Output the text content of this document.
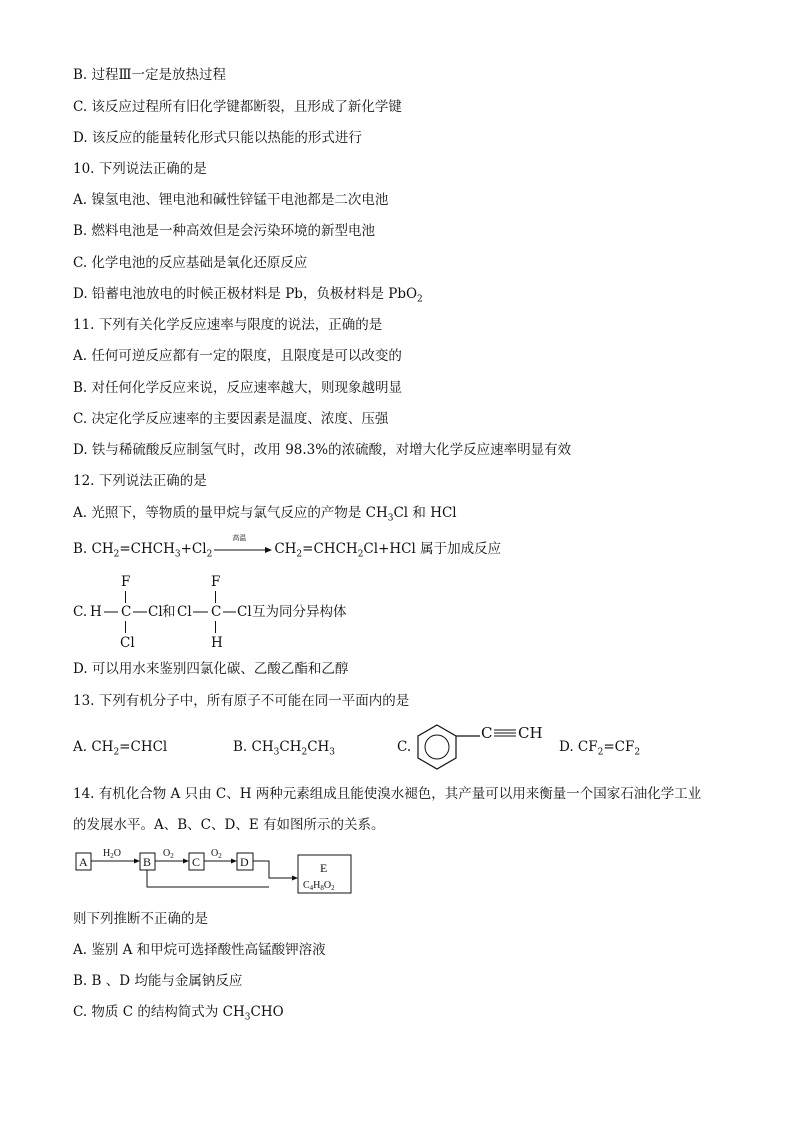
B. 过程Ⅲ一定是放热过程
C. 该反应过程所有旧化学键都断裂，且形成了新化学键
D. 该反应的能量转化形式只能以热能的形式进行
10. 下列说法正确的是
A. 镍氢电池、锂电池和碱性锌锰干电池都是二次电池
B. 燃料电池是一种高效但是会污染环境的新型电池
C. 化学电池的反应基础是氧化还原反应
D. 铅蓄电池放电的时候正极材料是 Pb，负极材料是 PbO$_2$
11. 下列有关化学反应速率与限度的说法，正确的是
A. 任何可逆反应都有一定的限度，且限度是可以改变的
B. 对任何化学反应来说，反应速率越大，则现象越明显
C. 决定化学反应速率的主要因素是温度、浓度、压强
D. 铁与稀硫酸反应制氢气时，改用 98.3%的浓硫酸，对增大化学反应速率明显有效
12. 下列说法正确的是
A. 光照下，等物质的量甲烷与氯气反应的产物是 $CH_3Cl$ 和 HCl
B. $CH_2=CHCH_3+Cl_2$
高温
$CH_2=CHCH_2Cl+HCl$ 属于加成反应
C.
F
H C Cl
Cl
和
F
Cl C Cl
H
互为同分异构体
D. 可以用水来鉴别四氯化碳、乙酸乙酯和乙醇
13. 下列有机分子中，所有原子不可能在同一平面内的是
A. $CH_2=CHCl$	B. $CH_3CH_2CH_3$	C.
C CH
D. $CF_2=CF_2$
14. 有机化合物 A 只由 C、H 两种元素组成且能使溴水褪色，其产量可以用来衡量一个国家石油化学工业
的发展水平。A、B、C、D、E 有如图所示的关系。
A	B	C	D	E
$H_2O$	$O_2$	$O_2$
$C_4H_8O_2$
则下列推断不正确的是
A. 鉴别 A 和甲烷可选择酸性高锰酸钾溶液
B. B 、D 均能与金属钠反应
C. 物质 C 的结构简式为 $CH_3CHO$
